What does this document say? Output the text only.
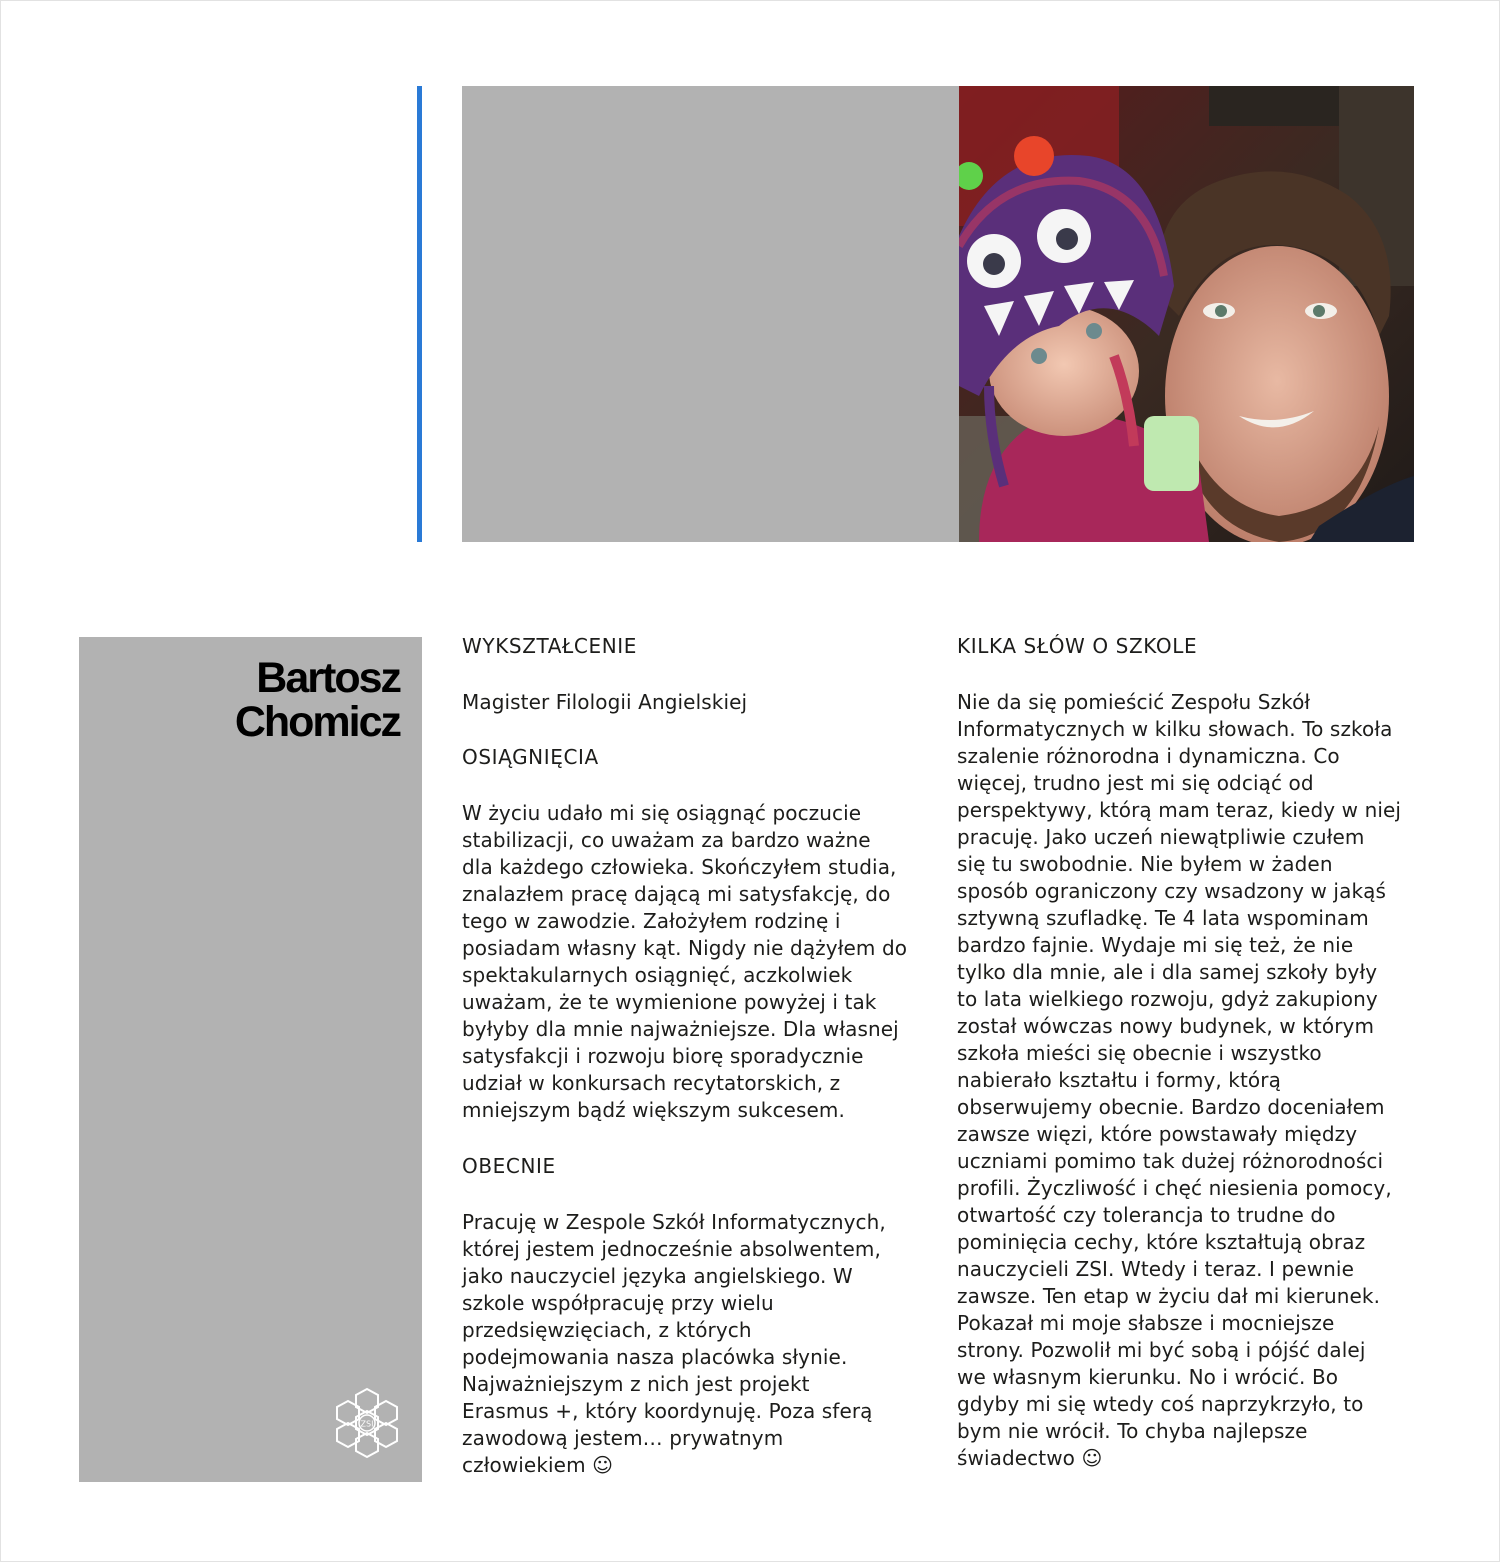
Bartosz
Chomicz
ZSI
WYKSZTAŁCENIE

Magister Filologii Angielskiej

OSIĄGNIĘCIA

W życiu udało mi się osiągnąć poczucie
stabilizacji, co uważam za bardzo ważne
dla każdego człowieka. Skończyłem studia,
znalazłem pracę dającą mi satysfakcję, do
tego w zawodzie. Założyłem rodzinę i
posiadam własny kąt. Nigdy nie dążyłem do
spektakularnych osiągnięć, aczkolwiek
uważam, że te wymienione powyżej i tak
byłyby dla mnie najważniejsze. Dla własnej
satysfakcji i rozwoju biorę sporadycznie
udział w konkursach recytatorskich, z
mniejszym bądź większym sukcesem.

OBECNIE

Pracuję w Zespole Szkół Informatycznych,
której jestem jednocześnie absolwentem,
jako nauczyciel języka angielskiego. W
szkole współpracuję przy wielu
przedsięwzięciach, z których
podejmowania nasza placówka słynie.
Najważniejszym z nich jest projekt
Erasmus +, który koordynuję. Poza sferą
zawodową jestem… prywatnym
człowiekiem ☺

KILKA SŁÓW O SZKOLE

Nie da się pomieścić Zespołu Szkół
Informatycznych w kilku słowach. To szkoła
szalenie różnorodna i dynamiczna. Co
więcej, trudno jest mi się odciąć od
perspektywy, którą mam teraz, kiedy w niej
pracuję. Jako uczeń niewątpliwie czułem
się tu swobodnie. Nie byłem w żaden
sposób ograniczony czy wsadzony w jakąś
sztywną szufladkę. Te 4 lata wspominam
bardzo fajnie. Wydaje mi się też, że nie
tylko dla mnie, ale i dla samej szkoły były
to lata wielkiego rozwoju, gdyż zakupiony
został wówczas nowy budynek, w którym
szkoła mieści się obecnie i wszystko
nabierało kształtu i formy, którą
obserwujemy obecnie. Bardzo doceniałem
zawsze więzi, które powstawały między
uczniami pomimo tak dużej różnorodności
profili. Życzliwość i chęć niesienia pomocy,
otwartość czy tolerancja to trudne do
pominięcia cechy, które kształtują obraz
nauczycieli ZSI. Wtedy i teraz. I pewnie
zawsze. Ten etap w życiu dał mi kierunek.
Pokazał mi moje słabsze i mocniejsze
strony. Pozwolił mi być sobą i pójść dalej
we własnym kierunku. No i wrócić. Bo
gdyby mi się wtedy coś naprzykrzyło, to
bym nie wrócił. To chyba najlepsze
świadectwo ☺
